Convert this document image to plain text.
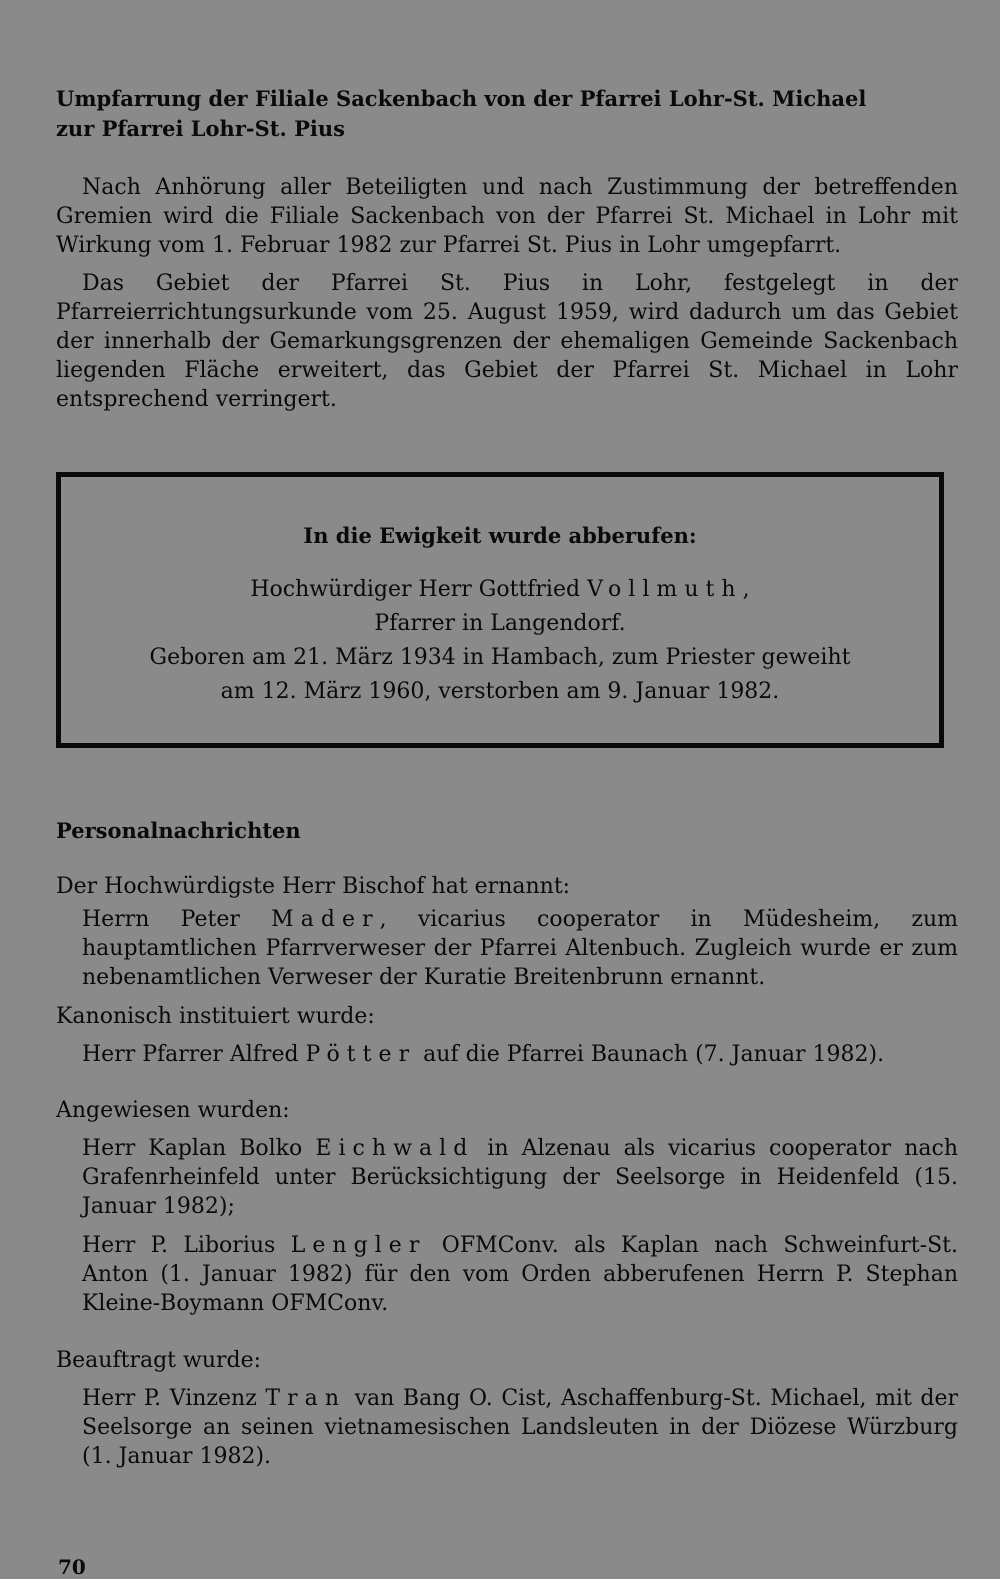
Umpfarrung der Filiale Sackenbach von der Pfarrei Lohr-St. Michael
zur Pfarrei Lohr-St. Pius

Nach Anhörung aller Beteiligten und nach Zustimmung der betreffenden Gremien wird die Filiale Sackenbach von der Pfarrei St. Michael in Lohr mit Wirkung vom 1. Februar 1982 zur Pfarrei St. Pius in Lohr umgepfarrt.

Das Gebiet der Pfarrei St. Pius in Lohr, festgelegt in der Pfarreierrichtungsurkunde vom 25. August 1959, wird dadurch um das Gebiet der innerhalb der Gemarkungsgrenzen der ehemaligen Gemeinde Sackenbach liegenden Fläche erweitert, das Gebiet der Pfarrei St. Michael in Lohr entsprechend verringert.

In die Ewigkeit wurde abberufen:
Hochwürdiger Herr Gottfried Vollmuth,
Pfarrer in Langendorf.
Geboren am 21. März 1934 in Hambach, zum Priester geweiht
am 12. März 1960, verstorben am 9. Januar 1982.

Personalnachrichten

Der Hochwürdigste Herr Bischof hat ernannt:

Herrn Peter Mader, vicarius cooperator in Müdesheim, zum hauptamtlichen Pfarrverweser der Pfarrei Altenbuch. Zugleich wurde er zum nebenamtlichen Verweser der Kuratie Breitenbrunn ernannt.

Kanonisch instituiert wurde:

Herr Pfarrer Alfred Pötter auf die Pfarrei Baunach (7. Januar 1982).

Angewiesen wurden:

Herr Kaplan Bolko Eichwald in Alzenau als vicarius cooperator nach Grafenrheinfeld unter Berücksichtigung der Seelsorge in Heidenfeld (15. Januar 1982);

Herr P. Liborius Lengler OFMConv. als Kaplan nach Schweinfurt-St. Anton (1. Januar 1982) für den vom Orden abberufenen Herrn P. Stephan Kleine-Boymann OFMConv.

Beauftragt wurde:

Herr P. Vinzenz Tran van Bang O. Cist, Aschaffenburg-St. Michael, mit der Seelsorge an seinen vietnamesischen Landsleuten in der Diözese Würzburg (1. Januar 1982).

70
